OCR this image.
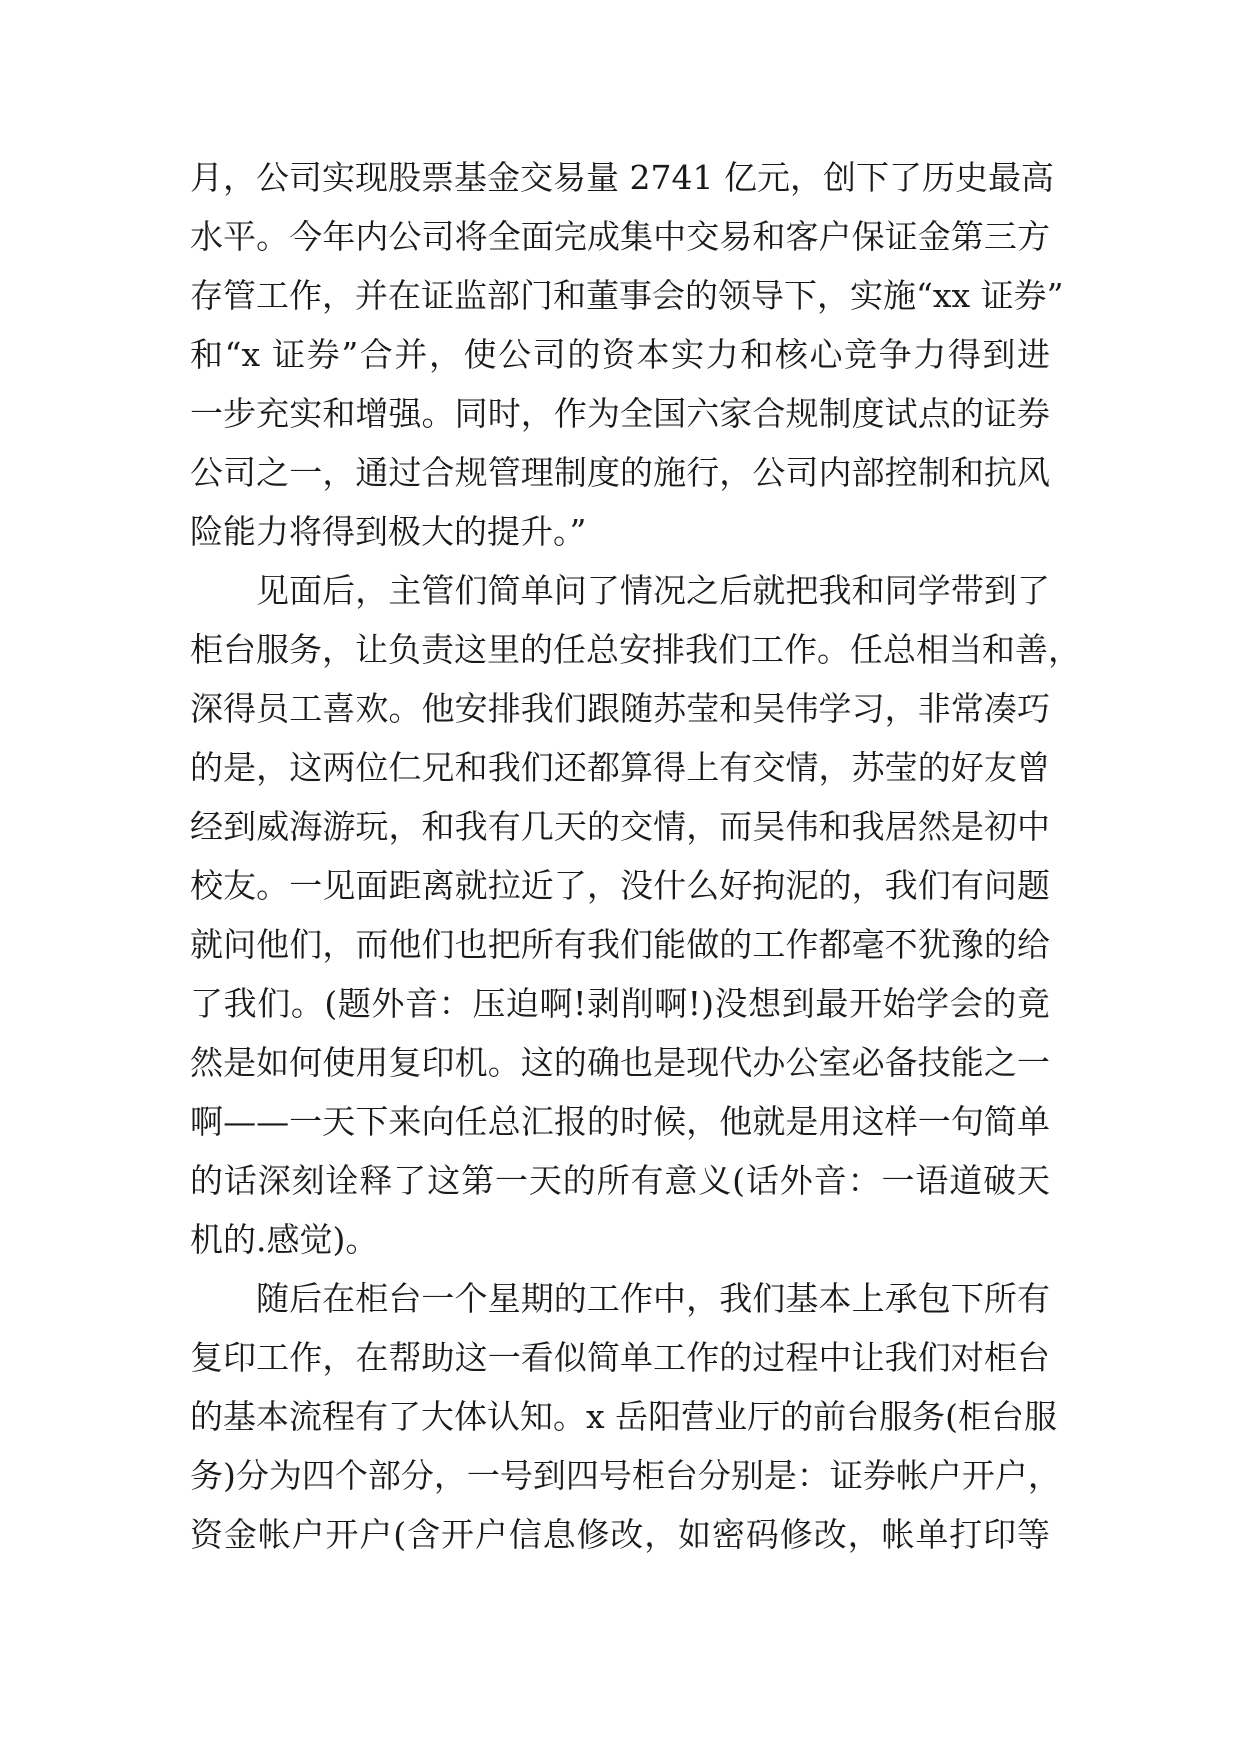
月，公司实现股票基金交易量 2741 亿元，创下了历史最高
水平。今年内公司将全面完成集中交易和客户保证金第三方
存管工作，并在证监部门和董事会的领导下，实施“xx 证券”
和“x 证券”合并，使公司的资本实力和核心竞争力得到进
一步充实和增强。同时，作为全国六家合规制度试点的证券
公司之一，通过合规管理制度的施行，公司内部控制和抗风
险能力将得到极大的提升。”
见面后，主管们简单问了情况之后就把我和同学带到了
柜台服务，让负责这里的任总安排我们工作。任总相当和善，
深得员工喜欢。他安排我们跟随苏莹和吴伟学习，非常凑巧
的是，这两位仁兄和我们还都算得上有交情，苏莹的好友曾
经到威海游玩，和我有几天的交情，而吴伟和我居然是初中
校友。一见面距离就拉近了，没什么好拘泥的，我们有问题
就问他们，而他们也把所有我们能做的工作都毫不犹豫的给
了我们。(题外音：压迫啊!剥削啊!)没想到最开始学会的竟
然是如何使用复印机。这的确也是现代办公室必备技能之一
啊——一天下来向任总汇报的时候，他就是用这样一句简单
的话深刻诠释了这第一天的所有意义(话外音：一语道破天
机的.感觉)。
随后在柜台一个星期的工作中，我们基本上承包下所有
复印工作，在帮助这一看似简单工作的过程中让我们对柜台
的基本流程有了大体认知。x 岳阳营业厅的前台服务(柜台服
务)分为四个部分，一号到四号柜台分别是：证券帐户开户，
资金帐户开户(含开户信息修改，如密码修改，帐单打印等
